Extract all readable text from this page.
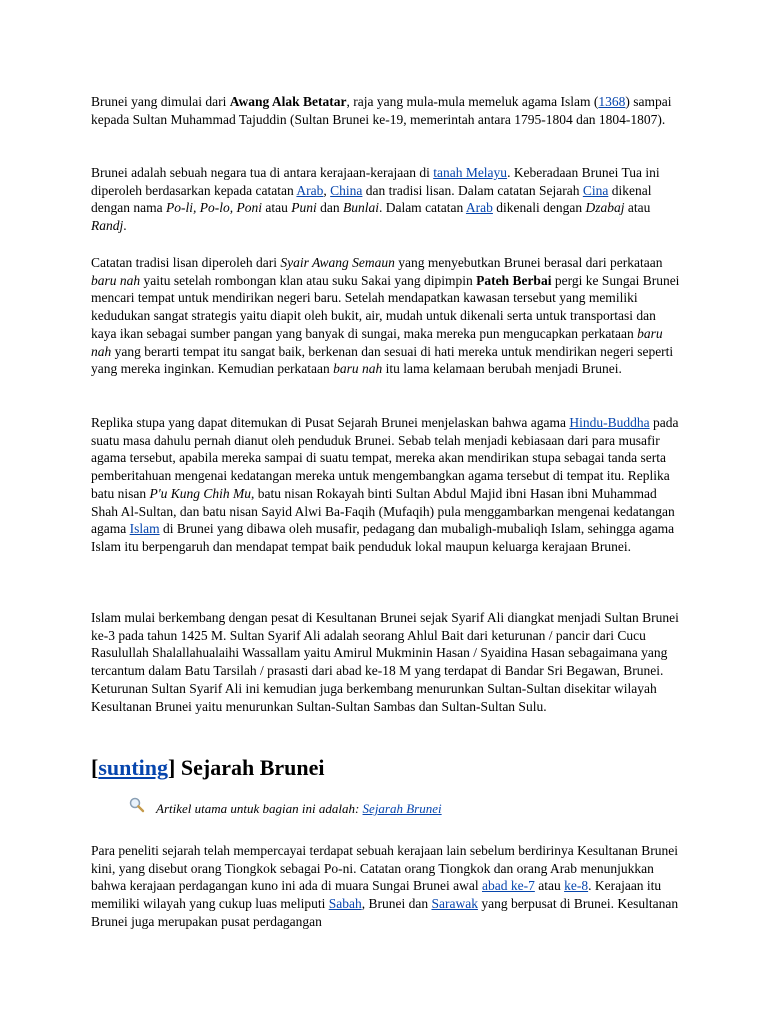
Brunei yang dimulai dari Awang Alak Betatar, raja yang mula-mula memeluk agama Islam (1368) sampai kepada Sultan Muhammad Tajuddin (Sultan Brunei ke-19, memerintah antara 1795-1804 dan 1804-1807).

Brunei adalah sebuah negara tua di antara kerajaan-kerajaan di tanah Melayu. Keberadaan Brunei Tua ini diperoleh berdasarkan kepada catatan Arab, China dan tradisi lisan. Dalam catatan Sejarah Cina dikenal dengan nama Po-li, Po-lo, Poni atau Puni dan Bunlai. Dalam catatan Arab dikenali dengan Dzabaj atau Randj.

Catatan tradisi lisan diperoleh dari Syair Awang Semaun yang menyebutkan Brunei berasal dari perkataan baru nah yaitu setelah rombongan klan atau suku Sakai yang dipimpin Pateh Berbai pergi ke Sungai Brunei mencari tempat untuk mendirikan negeri baru. Setelah mendapatkan kawasan tersebut yang memiliki kedudukan sangat strategis yaitu diapit oleh bukit, air, mudah untuk dikenali serta untuk transportasi dan kaya ikan sebagai sumber pangan yang banyak di sungai, maka mereka pun mengucapkan perkataan baru nah yang berarti tempat itu sangat baik, berkenan dan sesuai di hati mereka untuk mendirikan negeri seperti yang mereka inginkan. Kemudian perkataan baru nah itu lama kelamaan berubah menjadi Brunei.

Replika stupa yang dapat ditemukan di Pusat Sejarah Brunei menjelaskan bahwa agama Hindu-Buddha pada suatu masa dahulu pernah dianut oleh penduduk Brunei. Sebab telah menjadi kebiasaan dari para musafir agama tersebut, apabila mereka sampai di suatu tempat, mereka akan mendirikan stupa sebagai tanda serta pemberitahuan mengenai kedatangan mereka untuk mengembangkan agama tersebut di tempat itu. Replika batu nisan P'u Kung Chih Mu, batu nisan Rokayah binti Sultan Abdul Majid ibni Hasan ibni Muhammad Shah Al-Sultan, dan batu nisan Sayid Alwi Ba-Faqih (Mufaqih) pula menggambarkan mengenai kedatangan agama Islam di Brunei yang dibawa oleh musafir, pedagang dan mubaligh-mubaliqh Islam, sehingga agama Islam itu berpengaruh dan mendapat tempat baik penduduk lokal maupun keluarga kerajaan Brunei.

Islam mulai berkembang dengan pesat di Kesultanan Brunei sejak Syarif Ali diangkat menjadi Sultan Brunei ke-3 pada tahun 1425 M. Sultan Syarif Ali adalah seorang Ahlul Bait dari keturunan / pancir dari Cucu Rasulullah Shalallahualaihi Wassallam yaitu Amirul Mukminin Hasan / Syaidina Hasan sebagaimana yang tercantum dalam Batu Tarsilah / prasasti dari abad ke-18 M yang terdapat di Bandar Sri Begawan, Brunei. Keturunan Sultan Syarif Ali ini kemudian juga berkembang menurunkan Sultan-Sultan disekitar wilayah Kesultanan Brunei yaitu menurunkan Sultan-Sultan Sambas dan Sultan-Sultan Sulu.

[sunting] Sejarah Brunei
Artikel utama untuk bagian ini adalah: Sejarah Brunei

Para peneliti sejarah telah mempercayai terdapat sebuah kerajaan lain sebelum berdirinya Kesultanan Brunei kini, yang disebut orang Tiongkok sebagai Po-ni. Catatan orang Tiongkok dan orang Arab menunjukkan bahwa kerajaan perdagangan kuno ini ada di muara Sungai Brunei awal abad ke-7 atau ke-8. Kerajaan itu memiliki wilayah yang cukup luas meliputi Sabah, Brunei dan Sarawak yang berpusat di Brunei. Kesultanan Brunei juga merupakan pusat perdagangan
